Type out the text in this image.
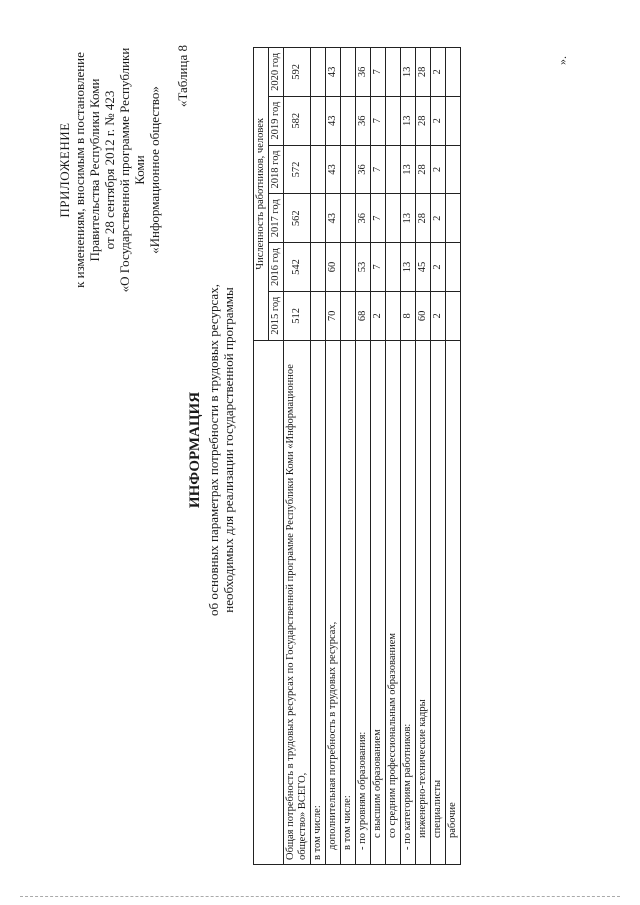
ПРИЛОЖЕНИЕ к изменениям, вносимым в постановление Правительства Республики Коми от 28 сентября 2012 г. № 423 «О Государственной программе Республики Коми «Информационное общество»
«Таблица 8
ИНФОРМАЦИЯ об основных параметрах потребности в трудовых ресурсах, необходимых для реализации государственной программы
	Численность работников, человек					
	2015 год	2016 год	2017 год	2018 год	2019 год	2020 год
Общая потребность в трудовых ресурсах по Государственной программе Республики Коми «Информационное общество» ВСЕГО,	512	542	562	572	582	592
в том числе:						
дополнительная потребность в трудовых ресурсах,	70	60	43	43	43	43
в том числе:						
- по уровням образования:	68	53	36	36	36	36
с высшим образованием	2	7	7	7	7	7
со средним профессиональным образованием						
- по категориям работников:	8	13	13	13	13	13
инженерно-технические кадры	60	45	28	28	28	28
специалисты	2	2	2	2	2	2
рабочие						
».
